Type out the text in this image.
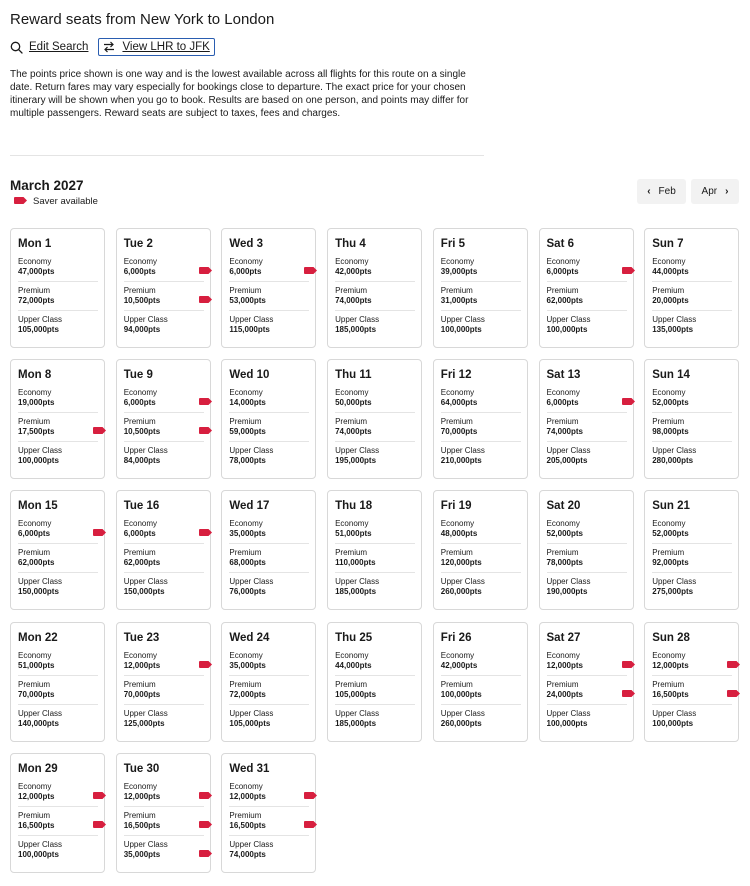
Reward seats from New York to London
Edit Search	View LHR to JFK

The points price shown is one way and is the lowest available across all flights for this route on a single date. Return fares may vary especially for bookings close to departure. The exact price for your chosen itinerary will be shown when you go to book. Results are based on one person, and points may differ for multiple passengers. Reward seats are subject to taxes, fees and charges.

March 2027
Saver available
‹ Feb	Apr ›
Mon 1
Economy
47,000pts
Premium
72,000pts
Upper Class
105,000pts
Tue 2
Economy
6,000pts
Premium
10,500pts
Upper Class
94,000pts
Wed 3
Economy
6,000pts
Premium
53,000pts
Upper Class
115,000pts
Thu 4
Economy
42,000pts
Premium
74,000pts
Upper Class
185,000pts
Fri 5
Economy
39,000pts
Premium
31,000pts
Upper Class
100,000pts
Sat 6
Economy
6,000pts
Premium
62,000pts
Upper Class
100,000pts
Sun 7
Economy
44,000pts
Premium
20,000pts
Upper Class
135,000pts
Mon 8
Economy
19,000pts
Premium
17,500pts
Upper Class
100,000pts
Tue 9
Economy
6,000pts
Premium
10,500pts
Upper Class
84,000pts
Wed 10
Economy
14,000pts
Premium
59,000pts
Upper Class
78,000pts
Thu 11
Economy
50,000pts
Premium
74,000pts
Upper Class
195,000pts
Fri 12
Economy
64,000pts
Premium
70,000pts
Upper Class
210,000pts
Sat 13
Economy
6,000pts
Premium
74,000pts
Upper Class
205,000pts
Sun 14
Economy
52,000pts
Premium
98,000pts
Upper Class
280,000pts
Mon 15
Economy
6,000pts
Premium
62,000pts
Upper Class
150,000pts
Tue 16
Economy
6,000pts
Premium
62,000pts
Upper Class
150,000pts
Wed 17
Economy
35,000pts
Premium
68,000pts
Upper Class
76,000pts
Thu 18
Economy
51,000pts
Premium
110,000pts
Upper Class
185,000pts
Fri 19
Economy
48,000pts
Premium
120,000pts
Upper Class
260,000pts
Sat 20
Economy
52,000pts
Premium
78,000pts
Upper Class
190,000pts
Sun 21
Economy
52,000pts
Premium
92,000pts
Upper Class
275,000pts
Mon 22
Economy
51,000pts
Premium
70,000pts
Upper Class
140,000pts
Tue 23
Economy
12,000pts
Premium
70,000pts
Upper Class
125,000pts
Wed 24
Economy
35,000pts
Premium
72,000pts
Upper Class
105,000pts
Thu 25
Economy
44,000pts
Premium
105,000pts
Upper Class
185,000pts
Fri 26
Economy
42,000pts
Premium
100,000pts
Upper Class
260,000pts
Sat 27
Economy
12,000pts
Premium
24,000pts
Upper Class
100,000pts
Sun 28
Economy
12,000pts
Premium
16,500pts
Upper Class
100,000pts
Mon 29
Economy
12,000pts
Premium
16,500pts
Upper Class
100,000pts
Tue 30
Economy
12,000pts
Premium
16,500pts
Upper Class
35,000pts
Wed 31
Economy
12,000pts
Premium
16,500pts
Upper Class
74,000pts
